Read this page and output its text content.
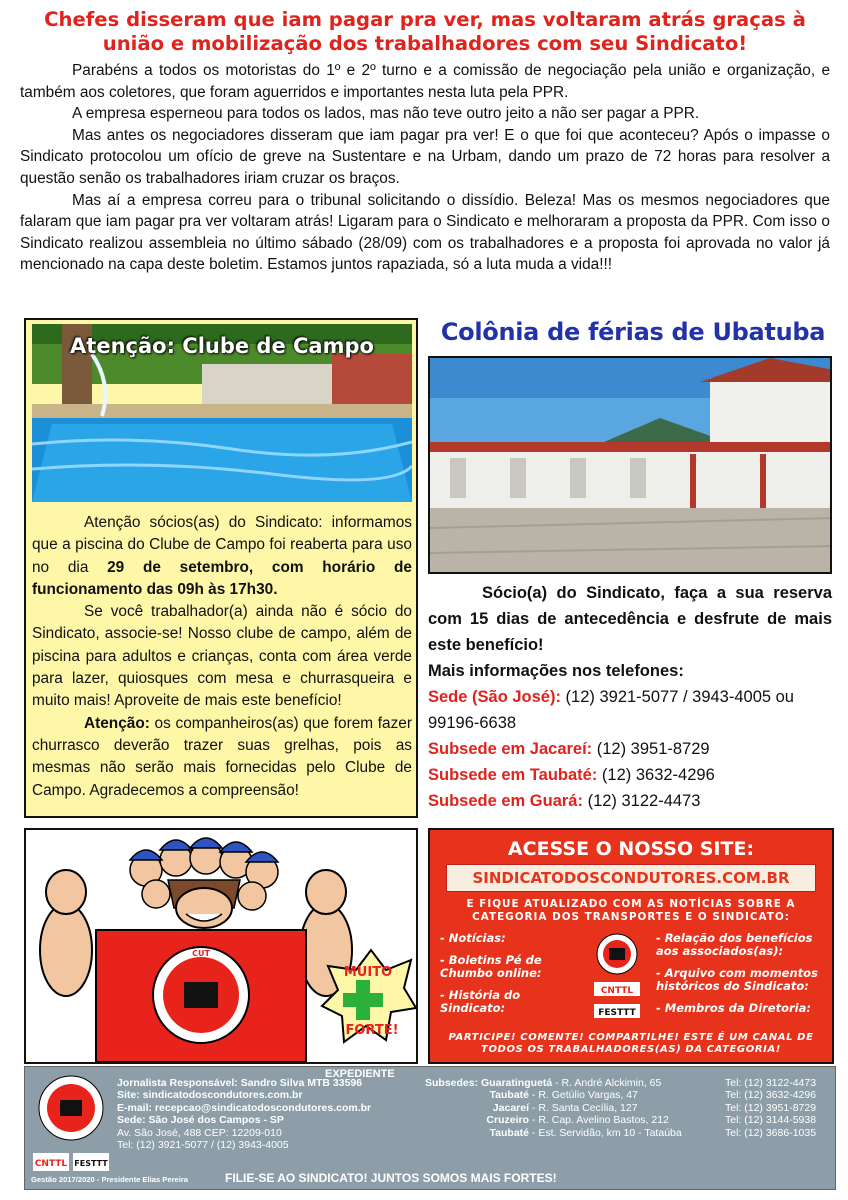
Chefes disseram que iam pagar pra ver, mas voltaram atrás graças à união e mobilização dos trabalhadores com seu Sindicato!

Parabéns a todos os motoristas do 1º e 2º turno e a comissão de negociação pela união e organização, e também aos coletores, que foram aguerridos e importantes nesta luta pela PPR.

A empresa esperneou para todos os lados, mas não teve outro jeito a não ser pagar a PPR.

Mas antes os negociadores disseram que iam pagar pra ver! E o que foi que aconteceu? Após o impasse o Sindicato protocolou um ofício de greve na Sustentare e na Urbam, dando um prazo de 72 horas para resolver a questão senão os trabalhadores iriam cruzar os braços.

Mas aí a empresa correu para o tribunal solicitando o dissídio. Beleza! Mas os mesmos negociadores que falaram que iam pagar pra ver voltaram atrás! Ligaram para o Sindicato e melhoraram a proposta da PPR. Com isso o Sindicato realizou assembleia no último sábado (28/09) com os trabalhadores e a proposta foi aprovada no valor já mencionado na capa deste boletim. Estamos juntos rapaziada, só a luta muda a vida!!!

Atenção: Clube de Campo

Atenção sócios(as) do Sindicato: informamos que a piscina do Clube de Campo foi reaberta para uso no dia 29 de setembro, com horário de funcionamento das 09h às 17h30.

Se você trabalhador(a) ainda não é sócio do Sindicato, associe-se! Nosso clube de campo, além de piscina para adultos e crianças, conta com área verde para lazer, quiosques com mesa e churrasqueira e muito mais! Aproveite de mais este benefício!

Atenção: os companheiros(as) que forem fazer churrasco deverão trazer suas grelhas, pois as mesmas não serão mais fornecidas pelo Clube de Campo. Agradecemos a compreensão!

Colônia de férias de Ubatuba

Sócio(a) do Sindicato, faça a sua reserva com 15 dias de antecedência e desfrute de mais este benefício!

Mais informações nos telefones:

Sede (São José): (12) 3921-5077 / 3943-4005 ou 99196-6638

Subsede em Jacareí: (12) 3951-8729

Subsede em Taubaté: (12) 3632-4296

Subsede em Guará: (12) 3122-4473

CUT
MUITO
FORTE!
ACESSE O NOSSO SITE:
SINDICATODOSCONDUTORES.COM.BR
E FIQUE ATUALIZADO COM AS NOTÍCIAS SOBRE A CATEGORIA DOS TRANSPORTES E O SINDICATO:
- Notícias:
- Boletins Pé de Chumbo online:
- História do Sindicato:
CNTTL
FESTTT
- Relação dos benefícios aos associados(as):
- Arquivo com momentos históricos do Sindicato:
- Membros da Diretoria:
PARTICIPE! COMENTE! COMPARTILHE! ESTE É UM CANAL DE TODOS OS TRABALHADORES(AS) DA CATEGORIA!
EXPEDIENTE
CNTTL FESTTT
Jornalista Responsável: Sandro Silva MTB 33596
Site: sindicatodoscondutores.com.br
E-mail: recepcao@sindicatodoscondutores.com.br
Sede: São José dos Campos - SP
Av. São José, 488 CEP: 12209-010
Tel: (12) 3921-5077 / (12) 3943-4005
Subsedes: Guaratinguetá - R. André Alckimin, 65
Taubaté - R. Getúlio Vargas, 47
Jacareí - R. Santa Cecília, 127
Cruzeiro - R. Cap. Avelino Bastos, 212
Taubaté - Est. Servidão, km 10 - Tataúba
Tel: (12) 3122-4473
Tel: (12) 3632-4296
Tel: (12) 3951-8729
Tel: (12) 3144-5938
Tel: (12) 3686-1035
Gestão 2017/2020 - Presidente Elias Pereira	FILIE-SE AO SINDICATO! JUNTOS SOMOS MAIS FORTES!
